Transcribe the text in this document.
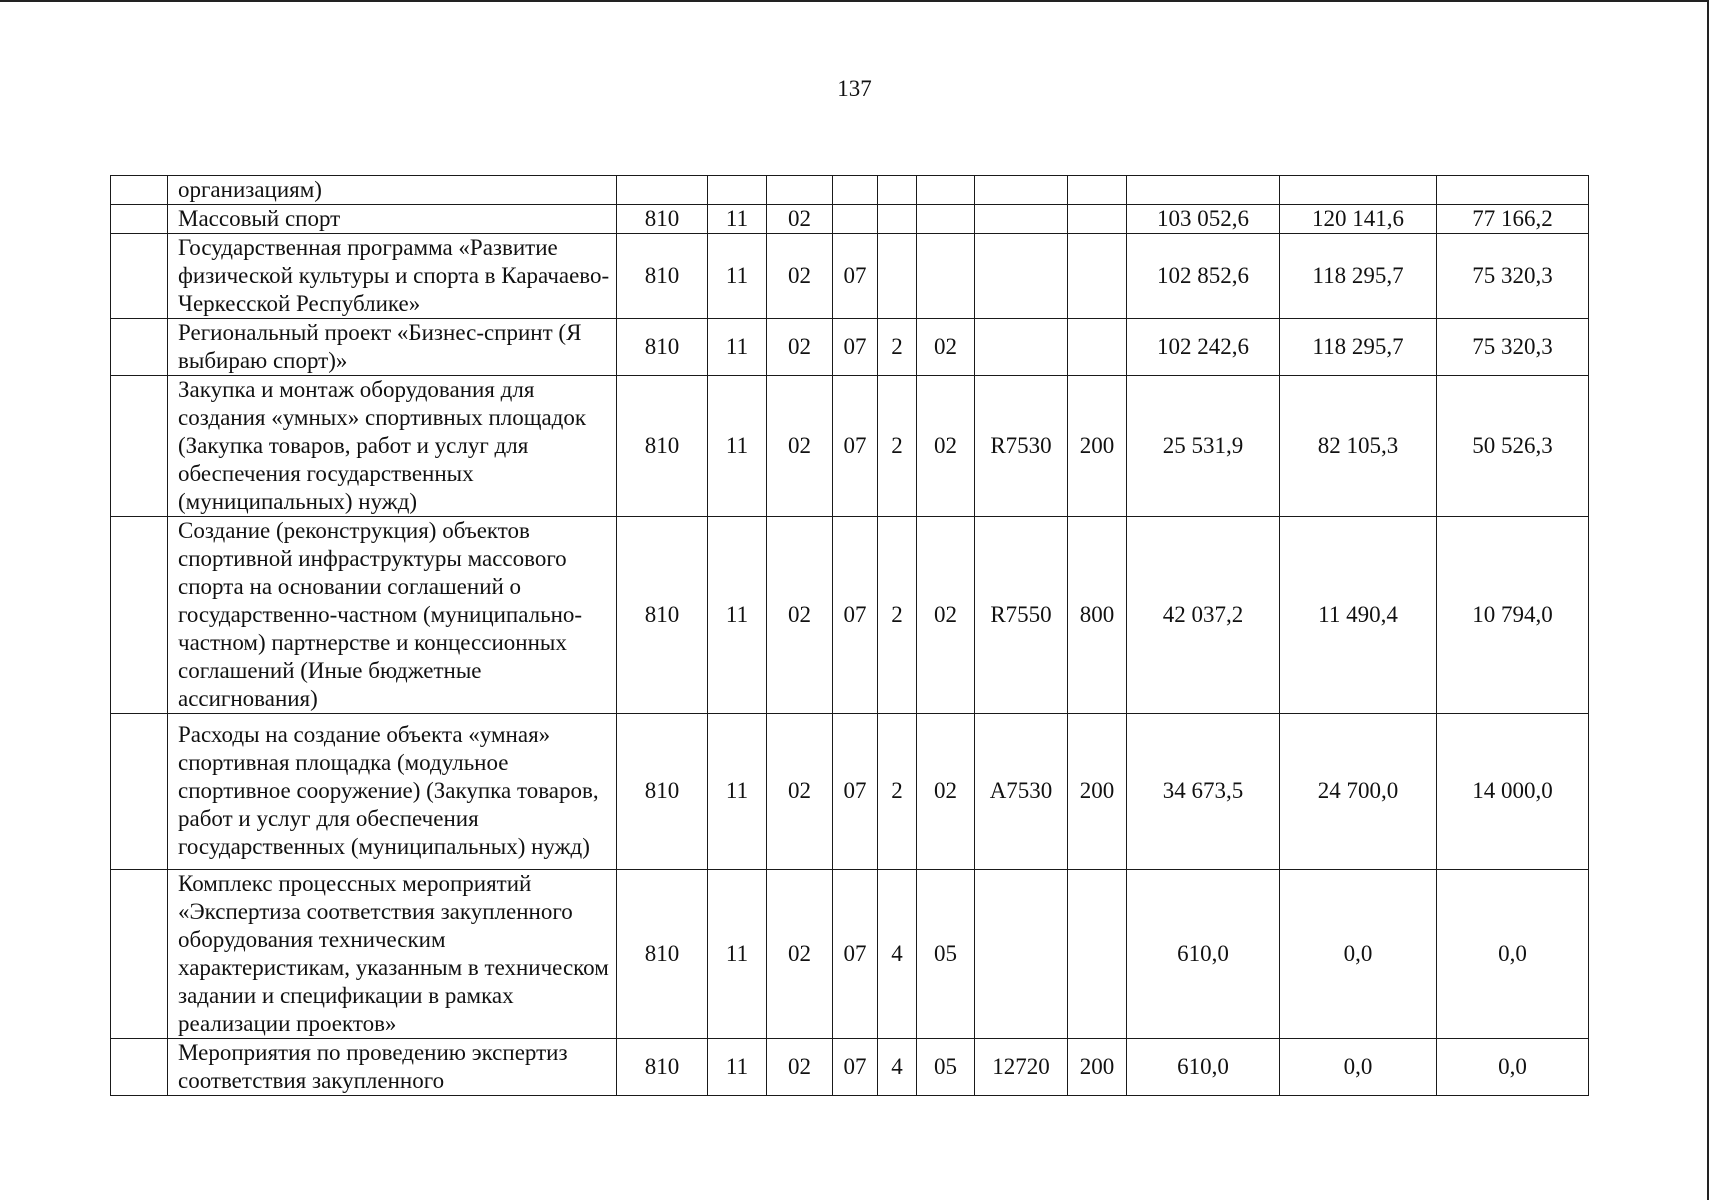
137
	организациям)											
	Массовый спорт	810	11	02						103 052,6	120 141,6	77 166,2
	Государственная программа «Развитие физической культуры и спорта в Карачаево-Черкесской Республике»	810	11	02	07					102 852,6	118 295,7	75 320,3
	Региональный проект «Бизнес-спринт (Я выбираю спорт)»	810	11	02	07	2	02			102 242,6	118 295,7	75 320,3
	Закупка и монтаж оборудования для создания «умных» спортивных площадок (Закупка товаров, работ и услуг для обеспечения государственных (муниципальных) нужд)	810	11	02	07	2	02	R7530	200	25 531,9	82 105,3	50 526,3
	Создание (реконструкция) объектов спортивной инфраструктуры массового спорта на основании соглашений о государственно-частном (муниципально-частном) партнерстве и концессионных соглашений (Иные бюджетные ассигнования)	810	11	02	07	2	02	R7550	800	42 037,2	11 490,4	10 794,0
	Расходы на создание объекта «умная» спортивная площадка (модульное спортивное сооружение) (Закупка товаров, работ и услуг для обеспечения государственных (муниципальных) нужд)	810	11	02	07	2	02	А7530	200	34 673,5	24 700,0	14 000,0
	Комплекс процессных мероприятий «Экспертиза соответствия закупленного оборудования техническим характеристикам, указанным в техническом задании и спецификации в рамках реализации проектов»	810	11	02	07	4	05			610,0	0,0	0,0
	Мероприятия по проведению экспертиз соответствия закупленного	810	11	02	07	4	05	12720	200	610,0	0,0	0,0
